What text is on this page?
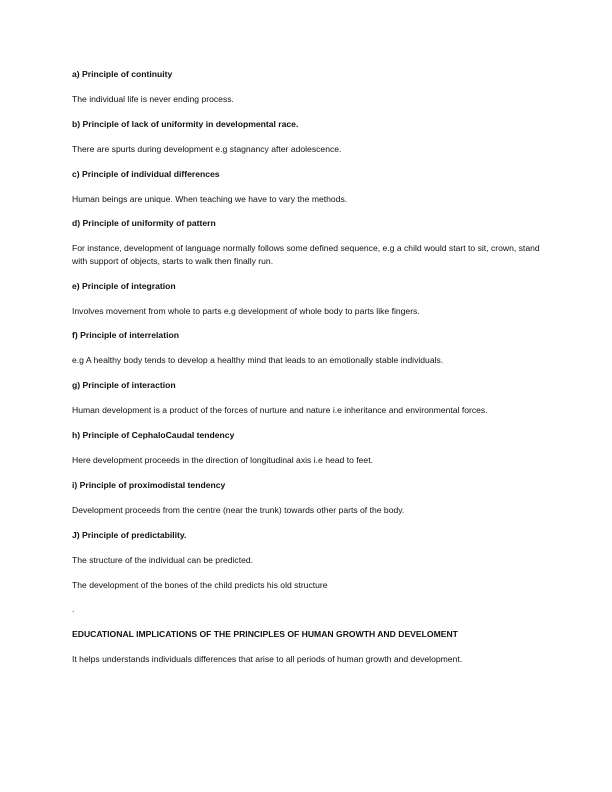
a) Principle of continuity

The individual life is never ending process.

b) Principle of lack of uniformity in developmental race.

There are spurts during development e.g stagnancy after adolescence.

c) Principle of individual differences

Human beings are unique. When teaching we have to vary the methods.

d) Principle of uniformity of pattern

For instance, development of language normally follows some defined sequence, e.g a child would start to sit, crown, stand with support of objects, starts to walk then finally run.

e) Principle of integration

Involves movement from whole to parts e.g development of whole body to parts like fingers.

f) Principle of interrelation

e.g A healthy body tends to develop a healthy mind that leads to an emotionally stable individuals.

g) Principle of interaction

Human development is a product of the forces of nurture and nature i.e inheritance and environmental forces.

h) Principle of CephaloCaudal tendency

Here development proceeds in the direction of longitudinal axis i.e head to feet.

i) Principle of proximodistal tendency

Development proceeds from the centre (near the trunk) towards other parts of the body.

J) Principle of predictability.

The structure of the individual can be predicted.

The development of the bones of the child predicts his old structure

.

EDUCATIONAL IMPLICATIONS OF THE PRINCIPLES OF HUMAN GROWTH AND DEVELOMENT

It helps understands individuals differences that arise to all periods of human growth and development.
